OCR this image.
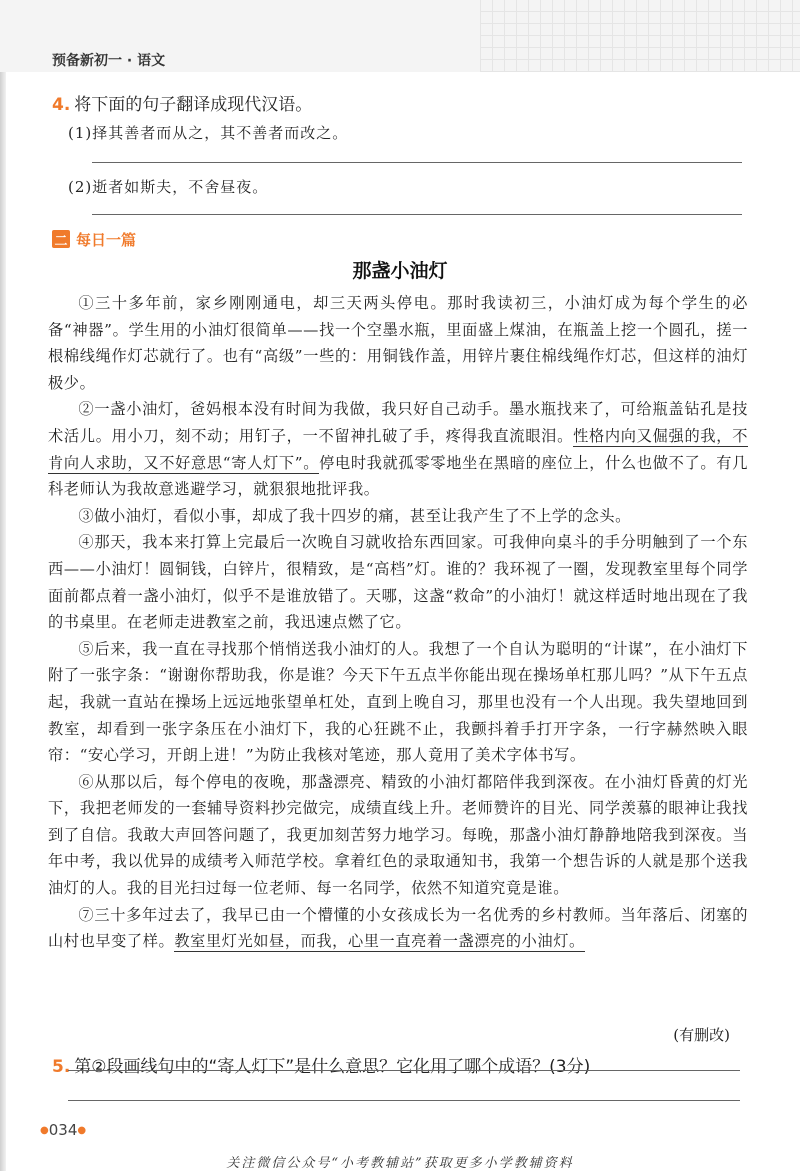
预备新初一 · 语文
4. 将下面的句子翻译成现代汉语。
(1)择其善者而从之，其不善者而改之。
(2)逝者如斯夫，不舍昼夜。
二 每日一篇
那盏小油灯

①三十多年前，家乡刚刚通电，却三天两头停电。那时我读初三，小油灯成为每个学生的必备“神器”。学生用的小油灯很简单——找一个空墨水瓶，里面盛上煤油，在瓶盖上挖一个圆孔，搓一根棉线绳作灯芯就行了。也有“高级”一些的：用铜钱作盖，用锌片裹住棉线绳作灯芯，但这样的油灯极少。

②一盏小油灯，爸妈根本没有时间为我做，我只好自己动手。墨水瓶找来了，可给瓶盖钻孔是技术活儿。用小刀，刻不动；用钉子，一不留神扎破了手，疼得我直流眼泪。性格内向又倔强的我，不肯向人求助，又不好意思“寄人灯下”。停电时我就孤零零地坐在黑暗的座位上，什么也做不了。有几科老师认为我故意逃避学习，就狠狠地批评我。

③做小油灯，看似小事，却成了我十四岁的痛，甚至让我产生了不上学的念头。

④那天，我本来打算上完最后一次晚自习就收拾东西回家。可我伸向桌斗的手分明触到了一个东西——小油灯！圆铜钱，白锌片，很精致，是“高档”灯。谁的？我环视了一圈，发现教室里每个同学面前都点着一盏小油灯，似乎不是谁放错了。天哪，这盏“救命”的小油灯！就这样适时地出现在了我的书桌里。在老师走进教室之前，我迅速点燃了它。

⑤后来，我一直在寻找那个悄悄送我小油灯的人。我想了一个自认为聪明的“计谋”，在小油灯下附了一张字条：“谢谢你帮助我，你是谁？今天下午五点半你能出现在操场单杠那儿吗？”从下午五点起，我就一直站在操场上远远地张望单杠处，直到上晚自习，那里也没有一个人出现。我失望地回到教室，却看到一张字条压在小油灯下，我的心狂跳不止，我颤抖着手打开字条，一行字赫然映入眼帘：“安心学习，开朗上进！”为防止我核对笔迹，那人竟用了美术字体书写。

⑥从那以后，每个停电的夜晚，那盏漂亮、精致的小油灯都陪伴我到深夜。在小油灯昏黄的灯光下，我把老师发的一套辅导资料抄完做完，成绩直线上升。老师赞许的目光、同学羡慕的眼神让我找到了自信。我敢大声回答问题了，我更加刻苦努力地学习。每晚，那盏小油灯静静地陪我到深夜。当年中考，我以优异的成绩考入师范学校。拿着红色的录取通知书，我第一个想告诉的人就是那个送我油灯的人。我的目光扫过每一位老师、每一名同学，依然不知道究竟是谁。

⑦三十多年过去了，我早已由一个懵懂的小女孩成长为一名优秀的乡村教师。当年落后、闭塞的山村也早变了样。教室里灯光如昼，而我，心里一直亮着一盏漂亮的小油灯。

(有删改)
5. 第②段画线句中的“寄人灯下”是什么意思？它化用了哪个成语？(3分)
●034●
关注微信公众号“小考教辅站”获取更多小学教辅资料
